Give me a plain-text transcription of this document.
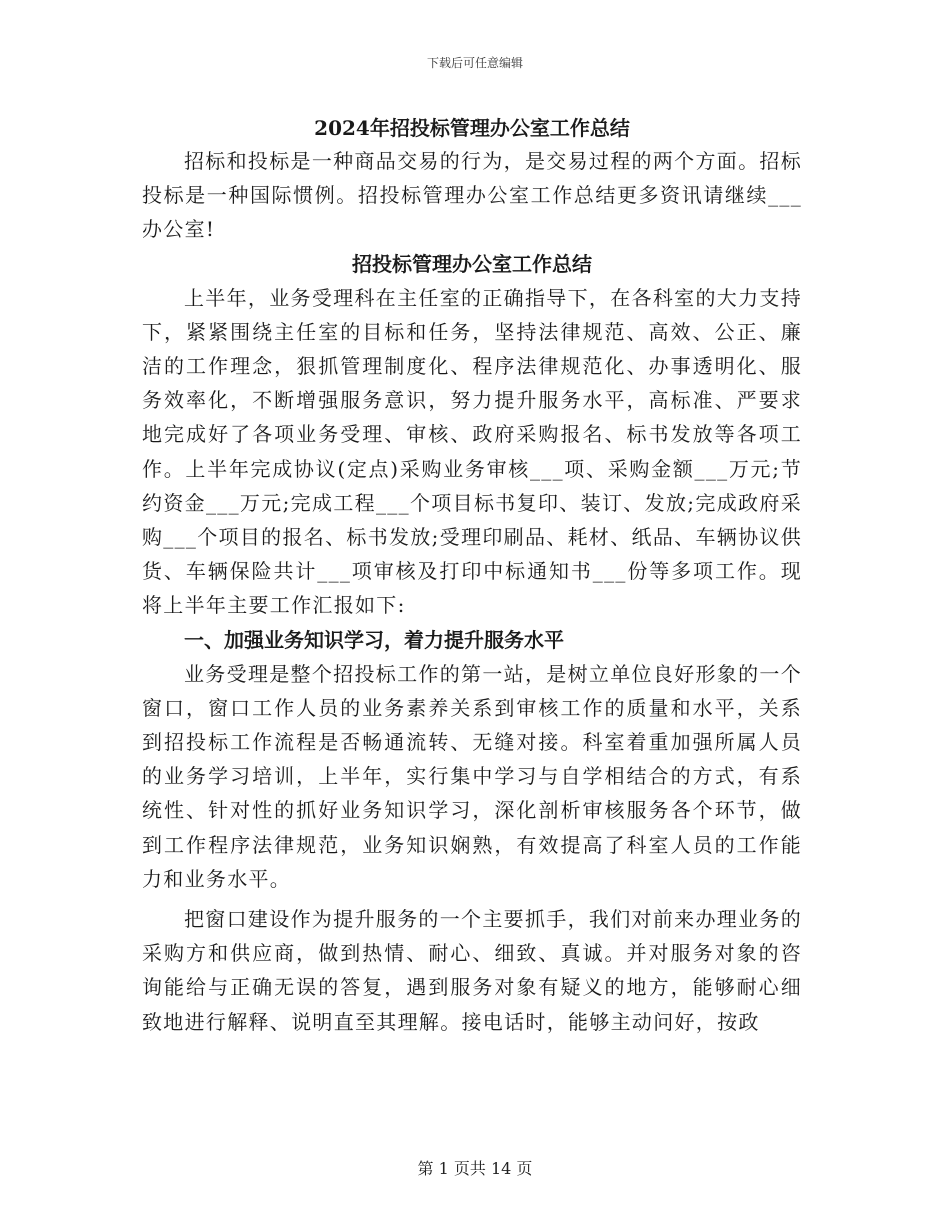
下载后可任意编辑

2024年招投标管理办公室工作总结

招标和投标是一种商品交易的行为，是交易过程的两个方面。招标投标是一种国际惯例。招投标管理办公室工作总结更多资讯请继续___办公室!

招投标管理办公室工作总结

上半年，业务受理科在主任室的正确指导下，在各科室的大力支持下，紧紧围绕主任室的目标和任务，坚持法律规范、高效、公正、廉洁的工作理念，狠抓管理制度化、程序法律规范化、办事透明化、服务效率化，不断增强服务意识，努力提升服务水平，高标准、严要求地完成好了各项业务受理、审核、政府采购报名、标书发放等各项工作。上半年完成协议(定点)采购业务审核___项、采购金额___万元;节约资金___万元;完成工程___个项目标书复印、装订、发放;完成政府采购___个项目的报名、标书发放;受理印刷品、耗材、纸品、车辆协议供货、车辆保险共计___项审核及打印中标通知书___份等多项工作。现将上半年主要工作汇报如下:

一、加强业务知识学习，着力提升服务水平

业务受理是整个招投标工作的第一站，是树立单位良好形象的一个窗口，窗口工作人员的业务素养关系到审核工作的质量和水平，关系到招投标工作流程是否畅通流转、无缝对接。科室着重加强所属人员的业务学习培训，上半年，实行集中学习与自学相结合的方式，有系统性、针对性的抓好业务知识学习，深化剖析审核服务各个环节，做到工作程序法律规范，业务知识娴熟，有效提高了科室人员的工作能力和业务水平。

把窗口建设作为提升服务的一个主要抓手，我们对前来办理业务的采购方和供应商，做到热情、耐心、细致、真诚。并对服务对象的咨询能给与正确无误的答复，遇到服务对象有疑义的地方，能够耐心细致地进行解释、说明直至其理解。接电话时，能够主动问好，按政

第 1 页共 14 页
